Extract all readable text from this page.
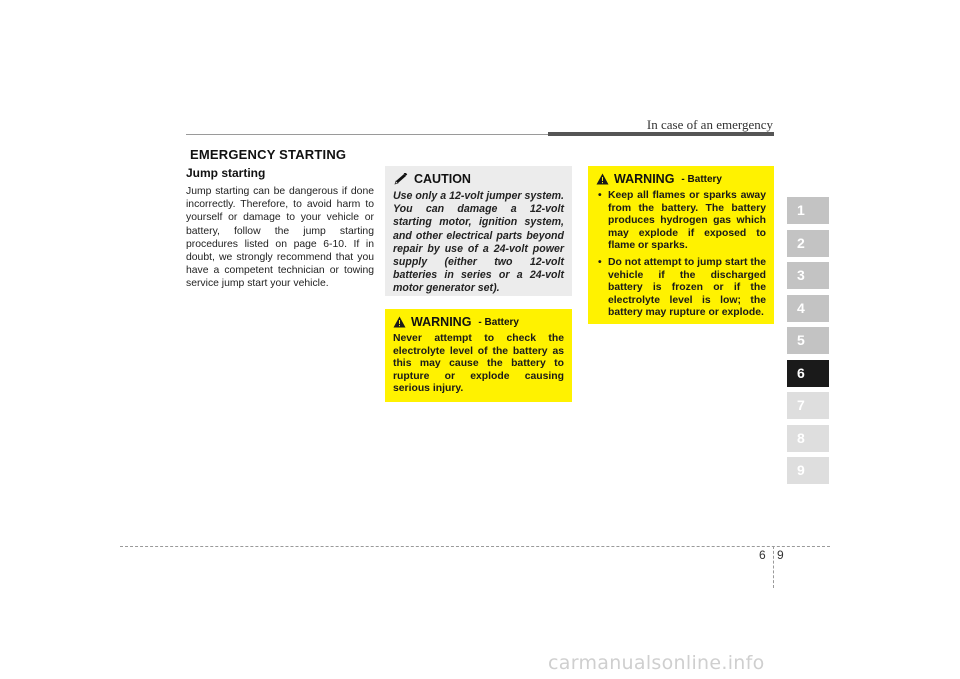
In case of an emergency
EMERGENCY STARTING
Jump starting

Jump starting can be dangerous if done incorrectly. Therefore, to avoid harm to yourself or damage to your vehicle or battery, follow the jump starting procedures listed on page 6-10. If in doubt, we strongly recommend that you have a competent technician or towing service jump start your vehicle.

CAUTION

Use only a 12-volt jumper system. You can damage a 12-volt starting motor, ignition system, and other electrical parts beyond repair by use of a 24-volt power supply (either two 12-volt batteries in series or a 24-volt motor generator set).

WARNING - Battery

Never attempt to check the electrolyte level of the battery as this may cause the battery to rupture or explode causing serious injury.

WARNING - Battery
• Keep all flames or sparks away from the battery. The battery produces hydrogen gas which may explode if exposed to flame or sparks.
• Do not attempt to jump start the vehicle if the discharged battery is frozen or if the electrolyte level is low; the battery may rupture or explode.
1
2
3
4
5
6
7
8
9
6 9
carmanualsonline.info
